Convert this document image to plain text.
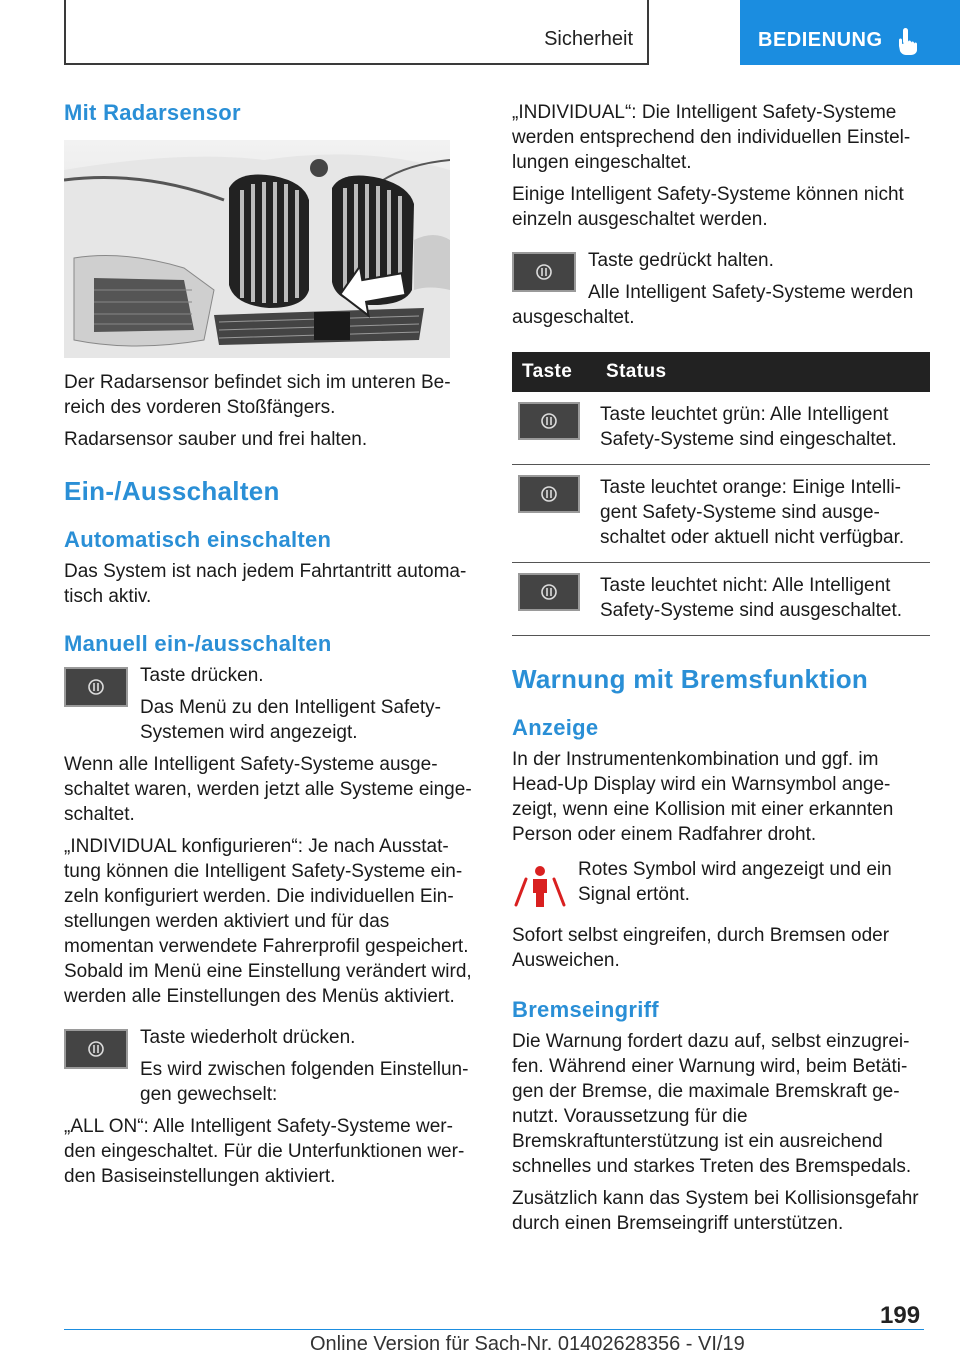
Sicherheit	BEDIENUNG
Mit Radarsensor

Der Radarsensor befindet sich im unteren Be- reich des vorderen Stoßfängers.

Radarsensor sauber und frei halten.

Ein-/Ausschalten
Automatisch einschalten

Das System ist nach jedem Fahrtantritt automa- tisch aktiv.

Manuell ein-/ausschalten

Taste drücken.

Das Menü zu den Intelligent Safety- Systemen wird angezeigt.

Wenn alle Intelligent Safety-Systeme ausge- schaltet waren, werden jetzt alle Systeme einge- schaltet.

„INDIVIDUAL konfigurieren“: Je nach Ausstat- tung können die Intelligent Safety-Systeme ein- zeln konfiguriert werden. Die individuellen Ein- stellungen werden aktiviert und für das momentan verwendete Fahrerprofil gespeichert. Sobald im Menü eine Einstellung verändert wird, werden alle Einstellungen des Menüs aktiviert.

Taste wiederholt drücken.

Es wird zwischen folgenden Einstellun- gen gewechselt:

„ALL ON“: Alle Intelligent Safety-Systeme wer- den eingeschaltet. Für die Unterfunktionen wer- den Basiseinstellungen aktiviert.

„INDIVIDUAL“: Die Intelligent Safety-Systeme werden entsprechend den individuellen Einstel- lungen eingeschaltet.

Einige Intelligent Safety-Systeme können nicht einzeln ausgeschaltet werden.

Taste gedrückt halten.

Alle Intelligent Safety-Systeme werden ausgeschaltet.

Taste	Status
	Taste leuchtet grün: Alle Intelligent Safety-Systeme sind eingeschaltet.
	Taste leuchtet orange: Einige Intelli- gent Safety-Systeme sind ausge- schaltet oder aktuell nicht verfügbar.
	Taste leuchtet nicht: Alle Intelligent Safety-Systeme sind ausgeschaltet.
Warnung mit Bremsfunktion
Anzeige

In der Instrumentenkombination und ggf. im Head-Up Display wird ein Warnsymbol ange- zeigt, wenn eine Kollision mit einer erkannten Person oder einem Radfahrer droht.

Rotes Symbol wird angezeigt und ein Signal ertönt.

Sofort selbst eingreifen, durch Bremsen oder Ausweichen.

Bremseingriff

Die Warnung fordert dazu auf, selbst einzugrei- fen. Während einer Warnung wird, beim Betäti- gen der Bremse, die maximale Bremskraft ge- nutzt. Voraussetzung für die Bremskraftunterstützung ist ein ausreichend schnelles und starkes Treten des Bremspedals.

Zusätzlich kann das System bei Kollisionsgefahr durch einen Bremseingriff unterstützen.

199
Online Version für Sach-Nr. 01402628356 - VI/19
